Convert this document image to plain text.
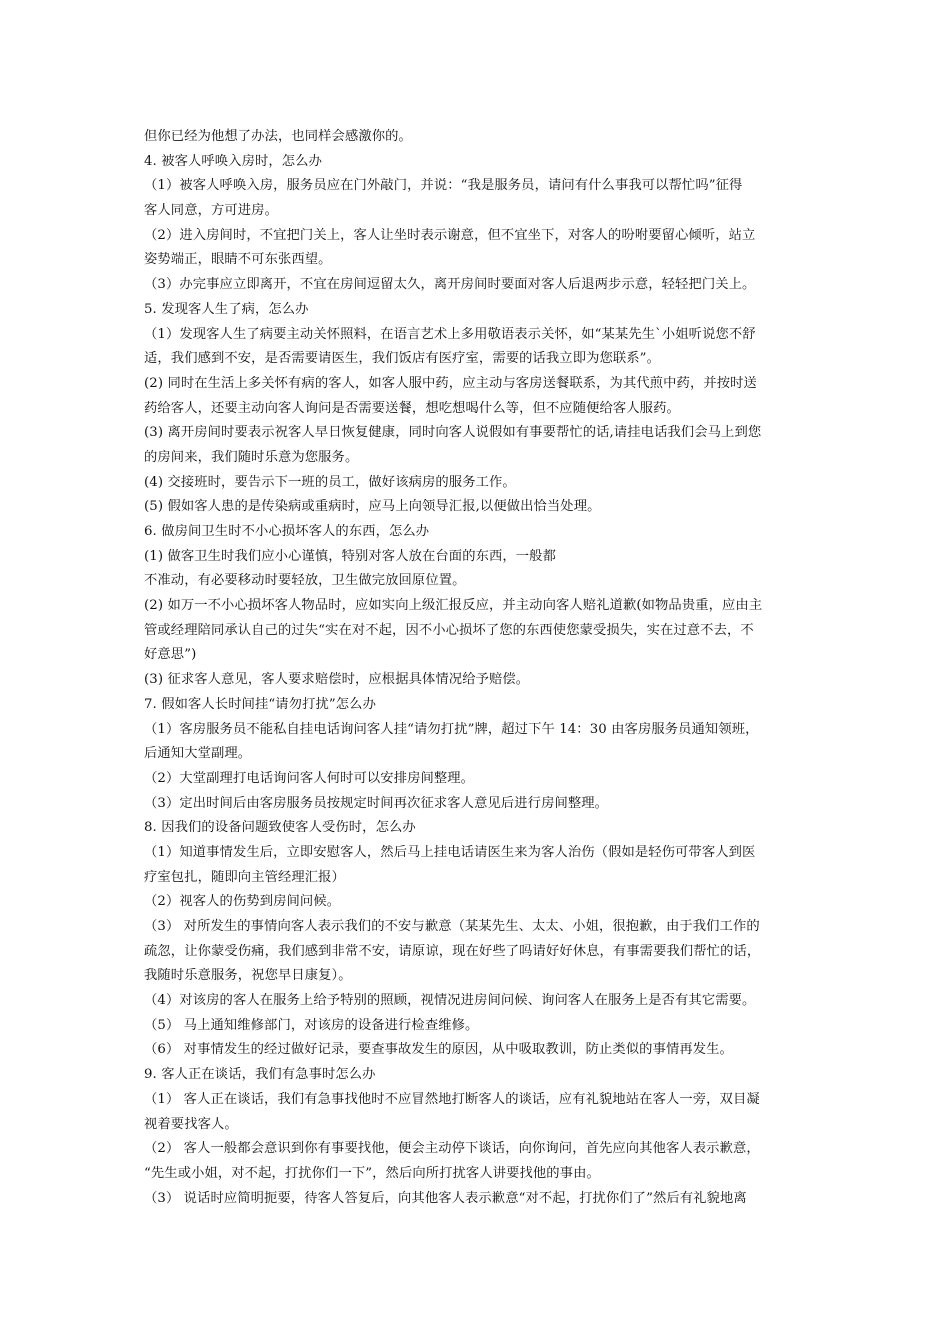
但你已经为他想了办法，也同样会感激你的。
4. 被客人呼唤入房时，怎么办
（1）被客人呼唤入房，服务员应在门外敲门，并说：“我是服务员，请问有什么事我可以帮忙吗”征得
客人同意，方可进房。
（2）进入房间时，不宜把门关上，客人让坐时表示谢意，但不宜坐下，对客人的吩咐要留心倾听，站立
姿势端正，眼睛不可东张西望。
（3）办完事应立即离开，不宜在房间逗留太久，离开房间时要面对客人后退两步示意，轻轻把门关上。
5. 发现客人生了病，怎么办
（1）发现客人生了病要主动关怀照料，在语言艺术上多用敬语表示关怀，如“某某先生`小姐听说您不舒
适，我们感到不安，是否需要请医生，我们饭店有医疗室，需要的话我立即为您联系”。
(2) 同时在生活上多关怀有病的客人，如客人服中药，应主动与客房送餐联系，为其代煎中药，并按时送
药给客人，还要主动向客人询问是否需要送餐，想吃想喝什么等，但不应随便给客人服药。
(3) 离开房间时要表示祝客人早日恢复健康，同时向客人说假如有事要帮忙的话,请挂电话我们会马上到您
的房间来，我们随时乐意为您服务。
(4) 交接班时，要告示下一班的员工，做好该病房的服务工作。
(5) 假如客人患的是传染病或重病时，应马上向领导汇报,以便做出恰当处理。
6. 做房间卫生时不小心损坏客人的东西，怎么办
(1) 做客卫生时我们应小心谨慎，特别对客人放在台面的东西，一般都
不准动，有必要移动时要轻放，卫生做完放回原位置。
(2) 如万一不小心损坏客人物品时，应如实向上级汇报反应，并主动向客人赔礼道歉(如物品贵重，应由主
管或经理陪同承认自己的过失“实在对不起，因不小心损坏了您的东西使您蒙受损失，实在过意不去，不
好意思”)
(3) 征求客人意见，客人要求赔偿时，应根据具体情况给予赔偿。
7. 假如客人长时间挂“请勿打扰”怎么办
（1）客房服务员不能私自挂电话询问客人挂“请勿打扰”牌，超过下午 14：30 由客房服务员通知领班，
后通知大堂副理。
（2）大堂副理打电话询问客人何时可以安排房间整理。
（3）定出时间后由客房服务员按规定时间再次征求客人意见后进行房间整理。
8. 因我们的设备问题致使客人受伤时，怎么办
（1）知道事情发生后，立即安慰客人，然后马上挂电话请医生来为客人治伤（假如是轻伤可带客人到医
疗室包扎，随即向主管经理汇报）
（2）视客人的伤势到房间问候。
（3） 对所发生的事情向客人表示我们的不安与歉意（某某先生、太太、小姐，很抱歉，由于我们工作的
疏忽，让你蒙受伤痛，我们感到非常不安，请原谅，现在好些了吗请好好休息，有事需要我们帮忙的话，
我随时乐意服务，祝您早日康复）。
（4）对该房的客人在服务上给予特别的照顾，视情况进房间问候、询问客人在服务上是否有其它需要。
（5） 马上通知维修部门，对该房的设备进行检查维修。
（6） 对事情发生的经过做好记录，要查事故发生的原因，从中吸取教训，防止类似的事情再发生。
9. 客人正在谈话，我们有急事时怎么办
（1） 客人正在谈话，我们有急事找他时不应冒然地打断客人的谈话，应有礼貌地站在客人一旁，双目凝
视着要找客人。
（2） 客人一般都会意识到你有事要找他，便会主动停下谈话，向你询问，首先应向其他客人表示歉意，
“先生或小姐，对不起，打扰你们一下”，然后向所打扰客人讲要找他的事由。
（3） 说话时应简明扼要，待客人答复后，向其他客人表示歉意“对不起，打扰你们了”然后有礼貌地离
